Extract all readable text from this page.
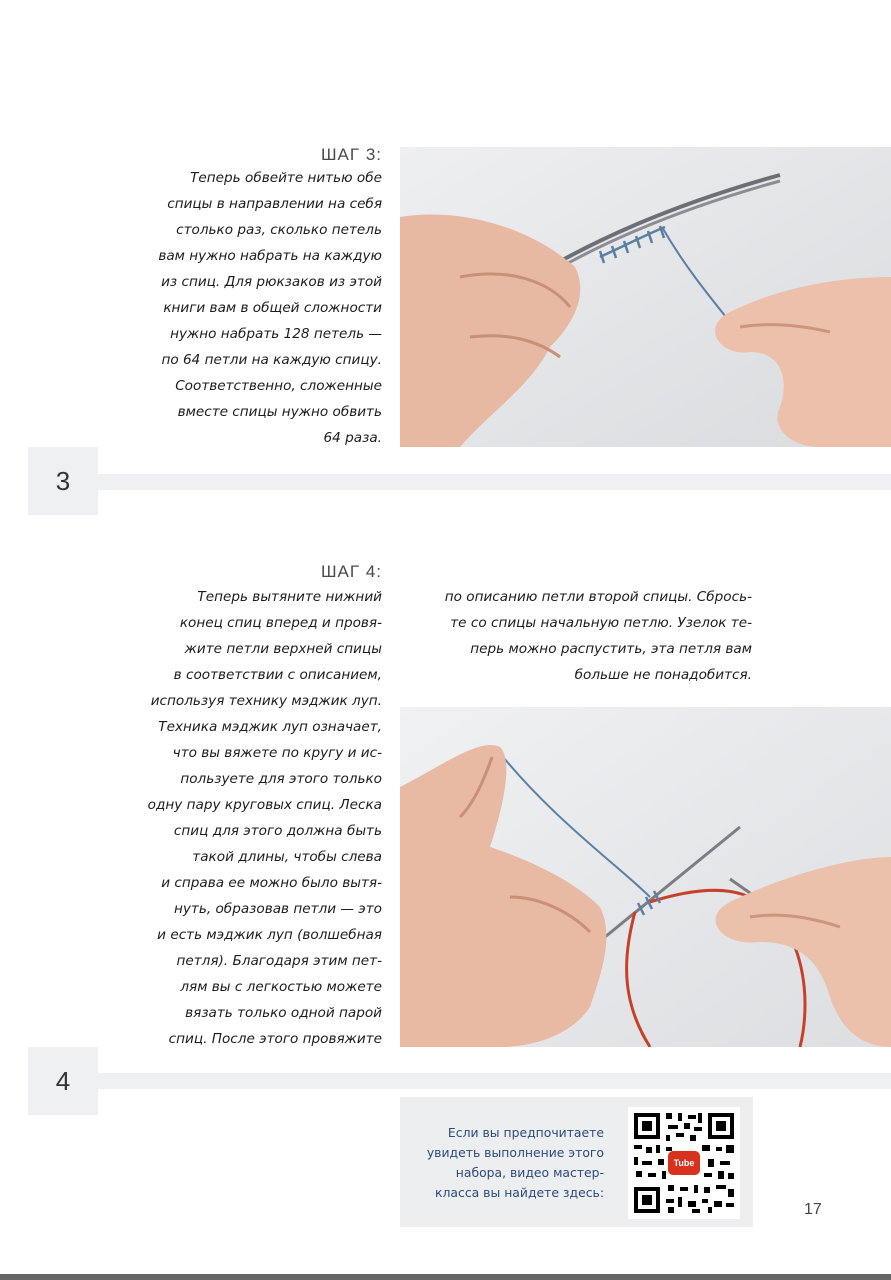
ШАГ 3:

Теперь обвейте нитью обе
спицы в направлении на себя
столько раз, сколько петель
вам нужно набрать на каждую
из спиц. Для рюкзаков из этой
книги вам в общей сложности
нужно набрать 128 петель —
по 64 петли на каждую спицу.
Соответственно, сложенные
вместе спицы нужно обвить
64 раза.

3
ШАГ 4:

Теперь вытяните нижний
конец спиц вперед и провя-
жите петли верхней спицы
в соответствии с описанием,
используя технику мэджик луп.
Техника мэджик луп означает,
что вы вяжете по кругу и ис-
пользуете для этого только
одну пару круговых спиц. Леска
спиц для этого должна быть
такой длины, чтобы слева
и справа ее можно было вытя-
нуть, образовав петли — это
и есть мэджик луп (волшебная
петля). Благодаря этим пет-
лям вы с легкостью можете
вязать только одной парой
спиц. После этого провяжите

по описанию петли второй спицы. Сбрось-
те со спицы начальную петлю. Узелок те-
перь можно распустить, эта петля вам
больше не понадобится.

4

Если вы предпочитаете
увидеть выполнение этого
набора, видео мастер-
класса вы найдете здесь:

Tube
17
